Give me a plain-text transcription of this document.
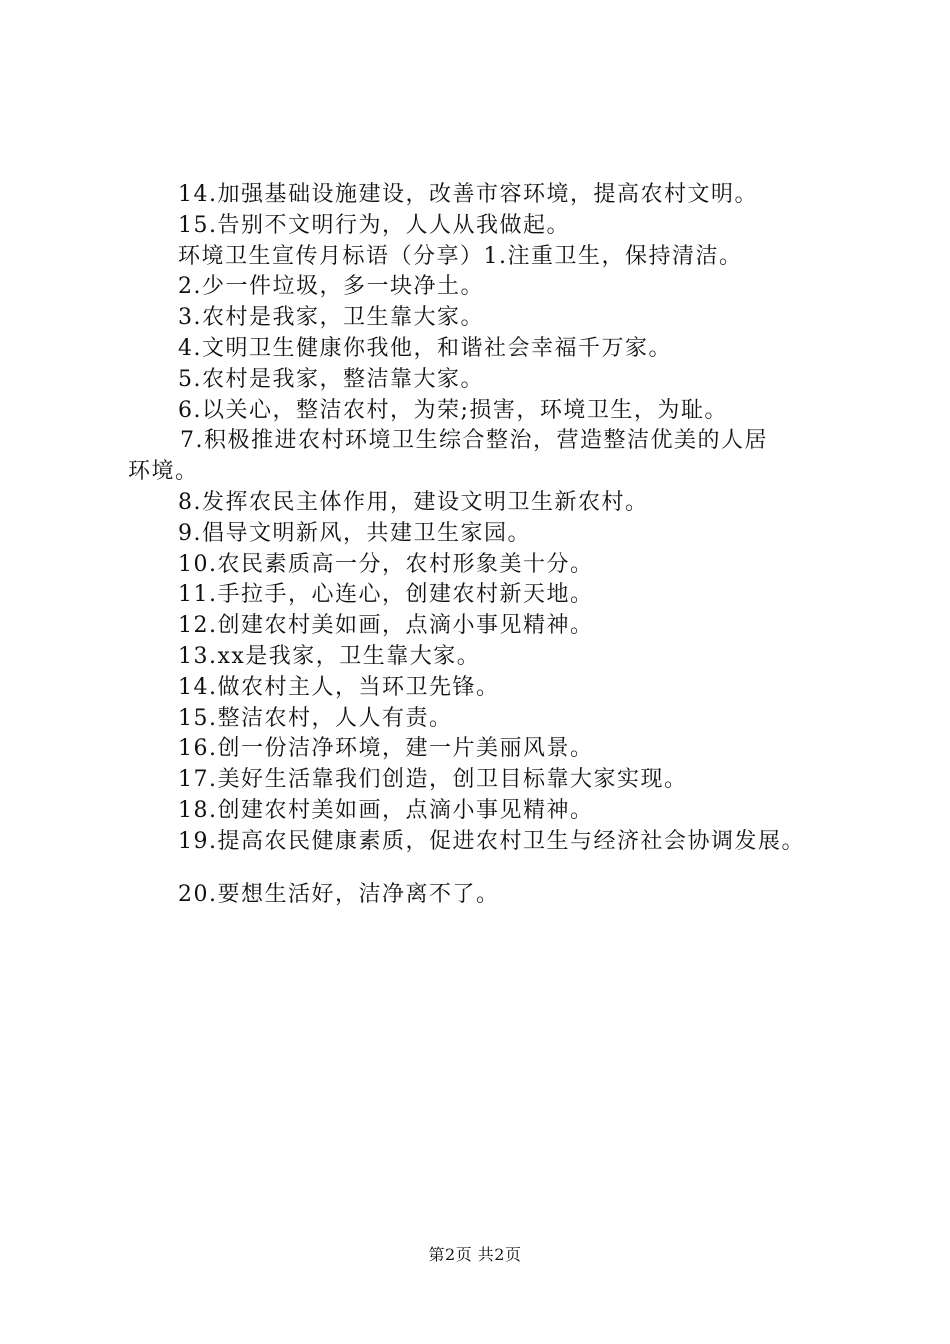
14.加强基础设施建设，改善市容环境，提高农村文明。
15.告别不文明行为，人人从我做起。
环境卫生宣传月标语（分享）1.注重卫生，保持清洁。
2.少一件垃圾，多一块净土。
3.农村是我家，卫生靠大家。
4.文明卫生健康你我他，和谐社会幸福千万家。
5.农村是我家，整洁靠大家。
6.以关心，整洁农村，为荣;损害，环境卫生，为耻。
7.积极推进农村环境卫生综合整治，营造整洁优美的人居
环境。
8.发挥农民主体作用，建设文明卫生新农村。
9.倡导文明新风，共建卫生家园。
10.农民素质高一分，农村形象美十分。
11.手拉手，心连心，创建农村新天地。
12.创建农村美如画，点滴小事见精神。
13.xx是我家，卫生靠大家。
14.做农村主人，当环卫先锋。
15.整洁农村，人人有责。
16.创一份洁净环境，建一片美丽风景。
17.美好生活靠我们创造，创卫目标靠大家实现。
18.创建农村美如画，点滴小事见精神。
19.提高农民健康素质，促进农村卫生与经济社会协调发展。
20.要想生活好，洁净离不了。
第2页 共2页
